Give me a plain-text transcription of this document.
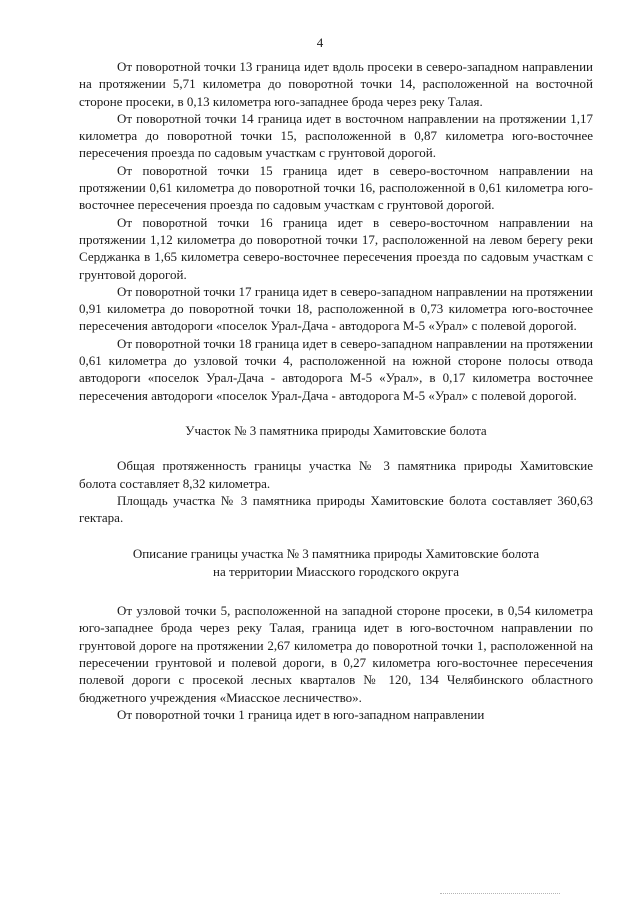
4

От поворотной точки 13 граница идет вдоль просеки в северо-западном направлении на протяжении 5,71 километра до поворотной точки 14, расположенной на восточной стороне просеки, в 0,13 километра юго-западнее брода через реку Талая.

От поворотной точки 14 граница идет в восточном направлении на протяжении 1,17 километра до поворотной точки 15, расположенной в 0,87 километра юго-восточнее пересечения проезда по садовым участкам с грунтовой дорогой.

От поворотной точки 15 граница идет в северо-восточном направлении на протяжении 0,61 километра до поворотной точки 16, расположенной в 0,61 километра юго-восточнее пересечения проезда по садовым участкам с грунтовой дорогой.

От поворотной точки 16 граница идет в северо-восточном направлении на протяжении 1,12 километра до поворотной точки 17, расположенной на левом берегу реки Серджанка в 1,65 километра северо-восточнее пересечения проезда по садовым участкам с грунтовой дорогой.

От поворотной точки 17 граница идет в северо-западном направлении на протяжении 0,91 километра до поворотной точки 18, расположенной в 0,73 километра юго-восточнее пересечения автодороги «поселок Урал-Дача - автодорога М-5 «Урал» с полевой дорогой.

От поворотной точки 18 граница идет в северо-западном направлении на протяжении 0,61 километра до узловой точки 4, расположенной на южной стороне полосы отвода автодороги «поселок Урал-Дача - автодорога М-5 «Урал», в 0,17 километра восточнее пересечения автодороги «поселок Урал-Дача - автодорога М-5 «Урал» с полевой дорогой.

Участок № 3 памятника природы Хамитовские болота

Общая протяженность границы участка № 3 памятника природы Хамитовские болота составляет 8,32 километра.

Площадь участка № 3 памятника природы Хамитовские болота составляет 360,63 гектара.

Описание границы участка № 3 памятника природы Хамитовские болота
на территории Миасского городского округа

От узловой точки 5, расположенной на западной стороне просеки, в 0,54 километра юго-западнее брода через реку Талая, граница идет в юго-восточном направлении по грунтовой дороге на протяжении 2,67 километра до поворотной точки 1, расположенной на пересечении грунтовой и полевой дороги, в 0,27 километра юго-восточнее пересечения полевой дороги с просекой лесных кварталов № 120, 134 Челябинского областного бюджетного учреждения «Миасское лесничество».

От поворотной точки 1 граница идет в юго-западном направлении
